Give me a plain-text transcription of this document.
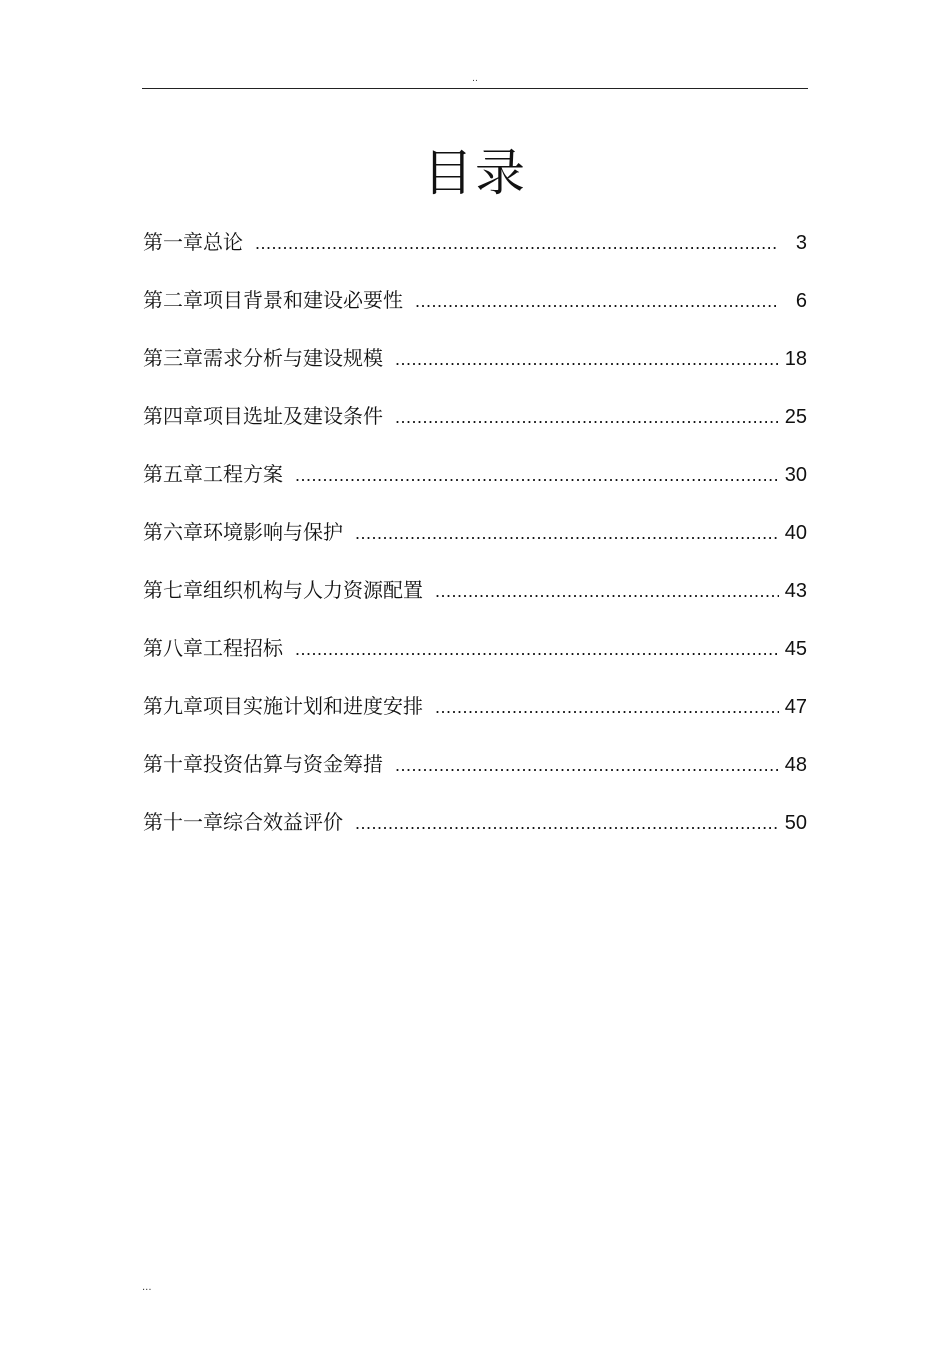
..
目录
第一章总论 .....	3
第二章项目背景和建设必要性 .....	6
第三章需求分析与建设规模 .....	18
第四章项目选址及建设条件 .....	25
第五章工程方案 .....	30
第六章环境影响与保护 .....	40
第七章组织机构与人力资源配置 .....	43
第八章工程招标 .....	45
第九章项目实施计划和进度安排 .....	47
第十章投资估算与资金筹措 .....	48
第十一章综合效益评价 .....	50
...
